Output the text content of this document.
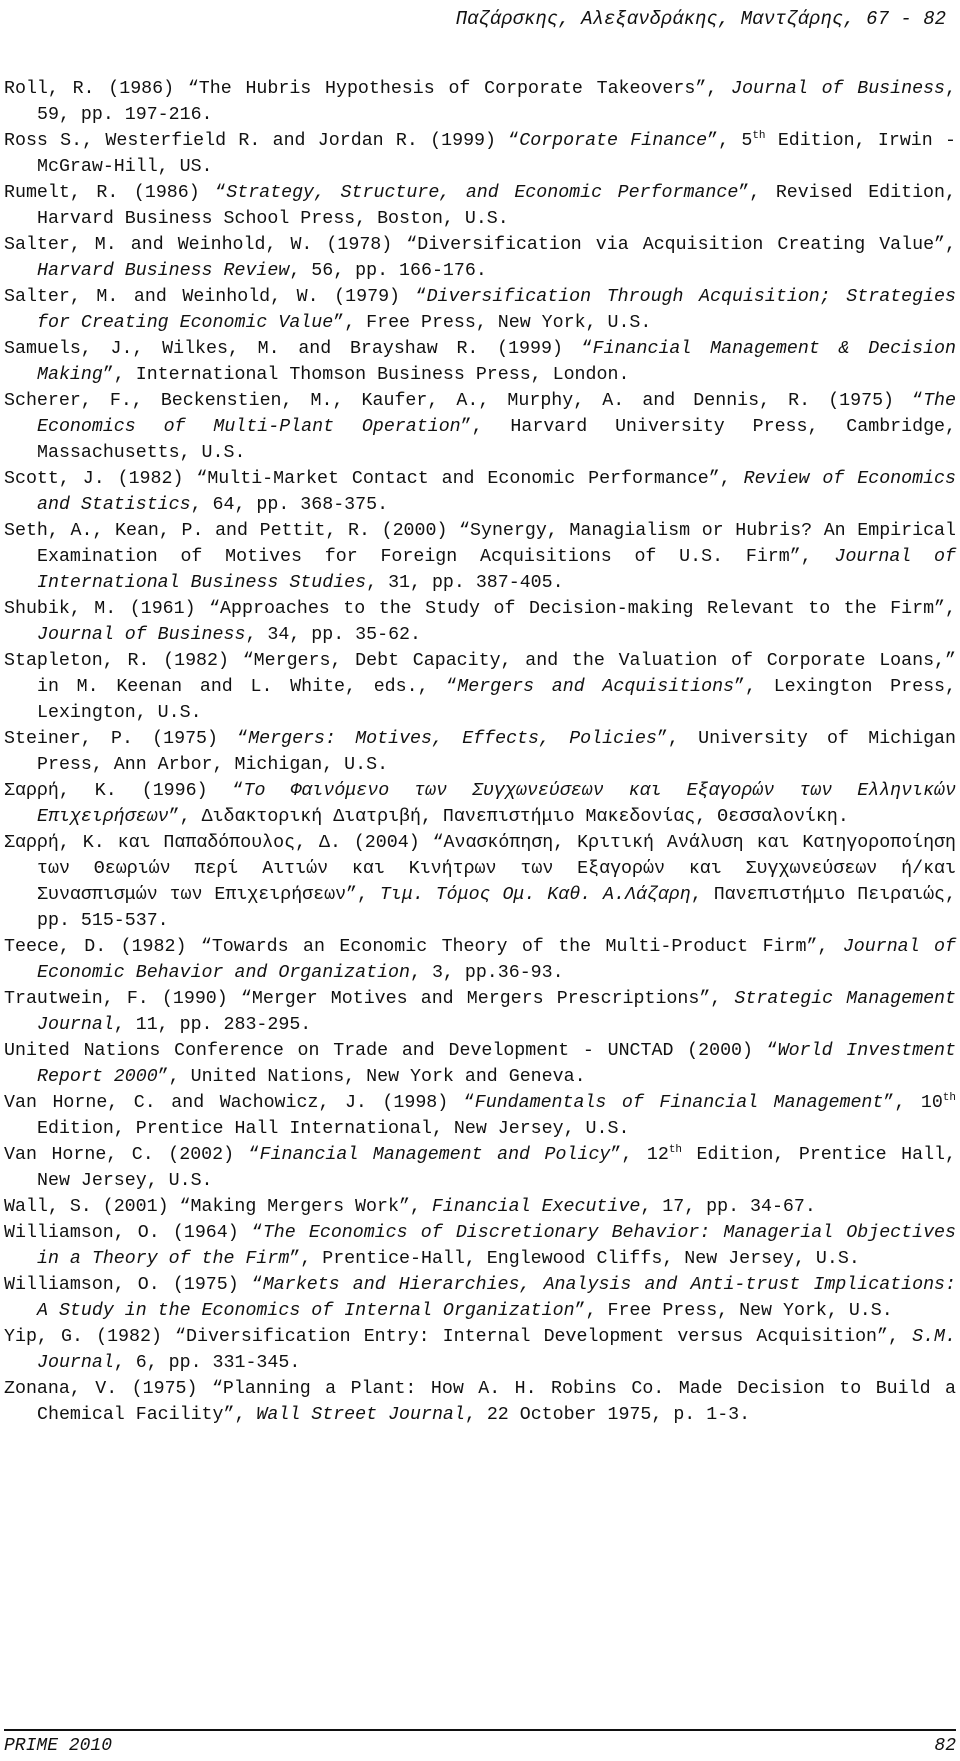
Παζάρσκης, Αλεξανδράκης, Μαντζάρης, 67 - 82

Roll, R. (1986) “The Hubris Hypothesis of Corporate Takeovers”, Journal of Business, 59, pp. 197-216.

Ross S., Westerfield R. and Jordan R. (1999) “Corporate Finance”, 5th Edition, Irwin - McGraw-Hill, US.

Rumelt, R. (1986) “Strategy, Structure, and Economic Performance”, Revised Edition, Harvard Business School Press, Boston, U.S.

Salter, M. and Weinhold, W. (1978) “Diversification via Acquisition Creating Value”, Harvard Business Review, 56, pp. 166-176.

Salter, M. and Weinhold, W. (1979) “Diversification Through Acquisition; Strategies for Creating Economic Value”, Free Press, New York, U.S.

Samuels, J., Wilkes, M. and Brayshaw R. (1999) “Financial Management & Decision Making”, International Thomson Business Press, London.

Scherer, F., Beckenstien, M., Kaufer, A., Murphy, A. and Dennis, R. (1975) “The Economics of Multi-Plant Operation”, Harvard University Press, Cambridge, Massachusetts, U.S.

Scott, J. (1982) “Multi-Market Contact and Economic Performance”, Review of Economics and Statistics, 64, pp. 368-375.

Seth, A., Kean, P. and Pettit, R. (2000) “Synergy, Managialism or Hubris? An Empirical Examination of Motives for Foreign Acquisitions of U.S. Firm”, Journal of International Business Studies, 31, pp. 387-405.

Shubik, M. (1961) “Approaches to the Study of Decision-making Relevant to the Firm”, Journal of Business, 34, pp. 35-62.

Stapleton, R. (1982) “Mergers, Debt Capacity, and the Valuation of Corporate Loans,” in M. Keenan and L. White, eds., “Mergers and Acquisitions”, Lexington Press, Lexington, U.S.

Steiner, P. (1975) “Mergers: Motives, Effects, Policies”, University of Michigan Press, Ann Arbor, Michigan, U.S.

Σαρρή, Κ. (1996) “Το Φαινόμενο των Συγχωνεύσεων και Εξαγορών των Ελληνικών Επιχειρήσεων”, Διδακτορική Διατριβή, Πανεπιστήμιο Μακεδονίας, Θεσσαλονίκη.

Σαρρή, Κ. και Παπαδόπουλος, Δ. (2004) “Ανασκόπηση, Κριτική Ανάλυση και Κατηγοροποίηση των Θεωριών περί Αιτιών και Κινήτρων των Εξαγορών και Συγχωνεύσεων ή/και Συνασπισμών των Επιχειρήσεων”, Τιμ. Τόμος Ομ. Καθ. Α.Λάζαρη, Πανεπιστήμιο Πειραιώς, pp. 515-537.

Teece, D. (1982) “Towards an Economic Theory of the Multi-Product Firm”, Journal of Economic Behavior and Organization, 3, pp.36-93.

Trautwein, F. (1990) “Merger Motives and Mergers Prescriptions”, Strategic Management Journal, 11, pp. 283-295.

United Nations Conference on Trade and Development - UNCTAD (2000) “World Investment Report 2000”, United Nations, New York and Geneva.

Van Horne, C. and Wachowicz, J. (1998) “Fundamentals of Financial Management”, 10th Edition, Prentice Hall International, New Jersey, U.S.

Van Horne, C. (2002) “Financial Management and Policy”, 12th Edition, Prentice Hall, New Jersey, U.S.

Wall, S. (2001) “Making Mergers Work”, Financial Executive, 17, pp. 34-67.

Williamson, O. (1964) “The Economics of Discretionary Behavior: Managerial Objectives in a Theory of the Firm”, Prentice-Hall, Englewood Cliffs, New Jersey, U.S.

Williamson, O. (1975) “Markets and Hierarchies, Analysis and Anti-trust Implications: A Study in the Economics of Internal Organization”, Free Press, New York, U.S.

Yip, G. (1982) “Diversification Entry: Internal Development versus Acquisition”, S.M. Journal, 6, pp. 331-345.

Zonana, V. (1975) “Planning a Plant: How A. H. Robins Co. Made Decision to Build a Chemical Facility”, Wall Street Journal, 22 October 1975, p. 1-3.

PRIME 2010	82
